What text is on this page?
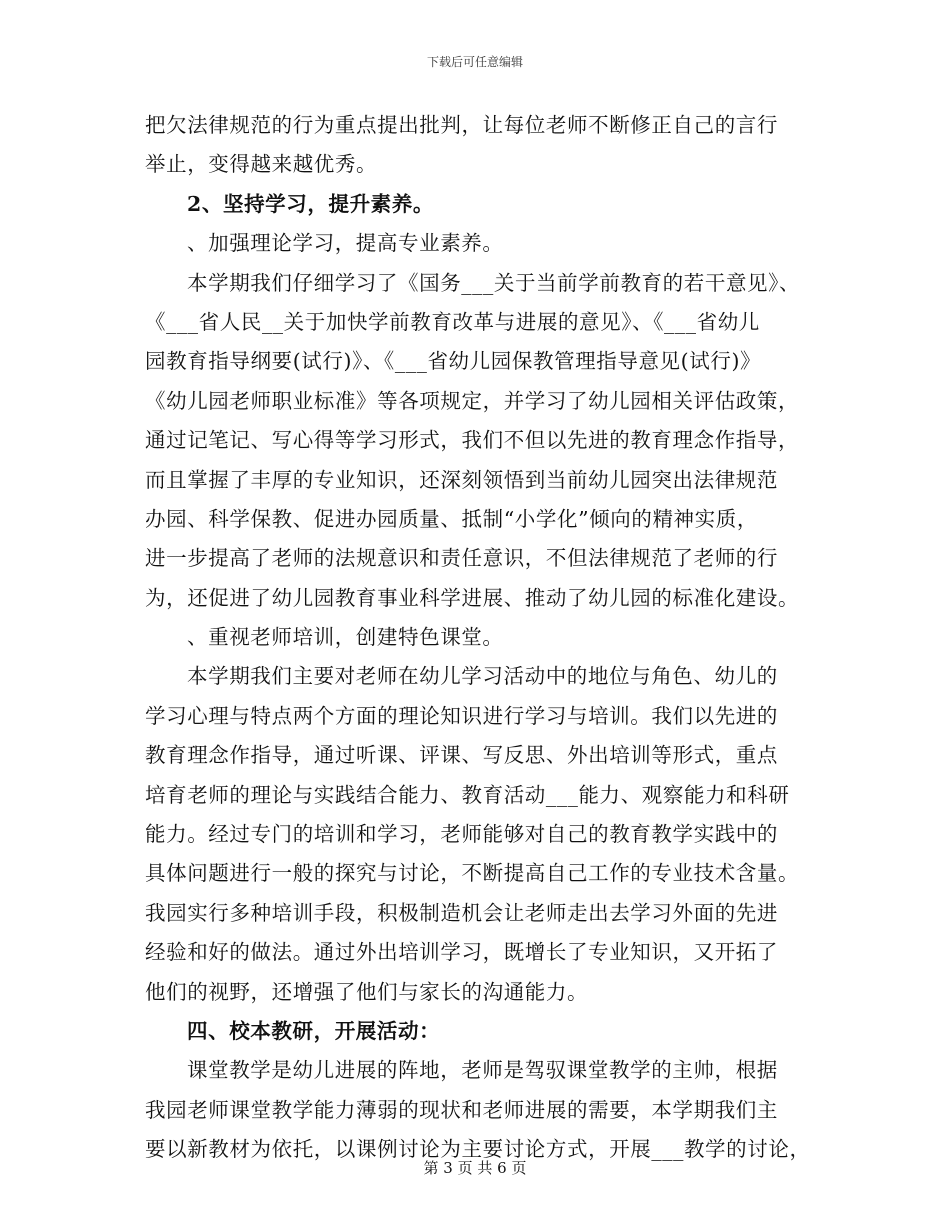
下载后可任意编辑
把欠法律规范的行为重点提出批判，让每位老师不断修正自己的言行
举止，变得越来越优秀。
2、坚持学习，提升素养。
、加强理论学习，提高专业素养。
本学期我们仔细学习了《国务___关于当前学前教育的若干意见》、
《___省人民__关于加快学前教育改革与进展的意见》、《___省幼儿
园教育指导纲要(试行)》、《___省幼儿园保教管理指导意见(试行)》
《幼儿园老师职业标准》等各项规定，并学习了幼儿园相关评估政策，
通过记笔记、写心得等学习形式，我们不但以先进的教育理念作指导，
而且掌握了丰厚的专业知识，还深刻领悟到当前幼儿园突出法律规范
办园、科学保教、促进办园质量、抵制“小学化”倾向的精神实质，
进一步提高了老师的法规意识和责任意识，不但法律规范了老师的行
为，还促进了幼儿园教育事业科学进展、推动了幼儿园的标准化建设。
、重视老师培训，创建特色课堂。
本学期我们主要对老师在幼儿学习活动中的地位与角色、幼儿的
学习心理与特点两个方面的理论知识进行学习与培训。我们以先进的
教育理念作指导，通过听课、评课、写反思、外出培训等形式，重点
培育老师的理论与实践结合能力、教育活动___能力、观察能力和科研
能力。经过专门的培训和学习，老师能够对自己的教育教学实践中的
具体问题进行一般的探究与讨论，不断提高自己工作的专业技术含量。
我园实行多种培训手段，积极制造机会让老师走出去学习外面的先进
经验和好的做法。通过外出培训学习，既增长了专业知识，又开拓了
他们的视野，还增强了他们与家长的沟通能力。
四、校本教研，开展活动：
课堂教学是幼儿进展的阵地，老师是驾驭课堂教学的主帅，根据
我园老师课堂教学能力薄弱的现状和老师进展的需要，本学期我们主
要以新教材为依托，以课例讨论为主要讨论方式，开展___教学的讨论，
第 3 页 共 6 页
